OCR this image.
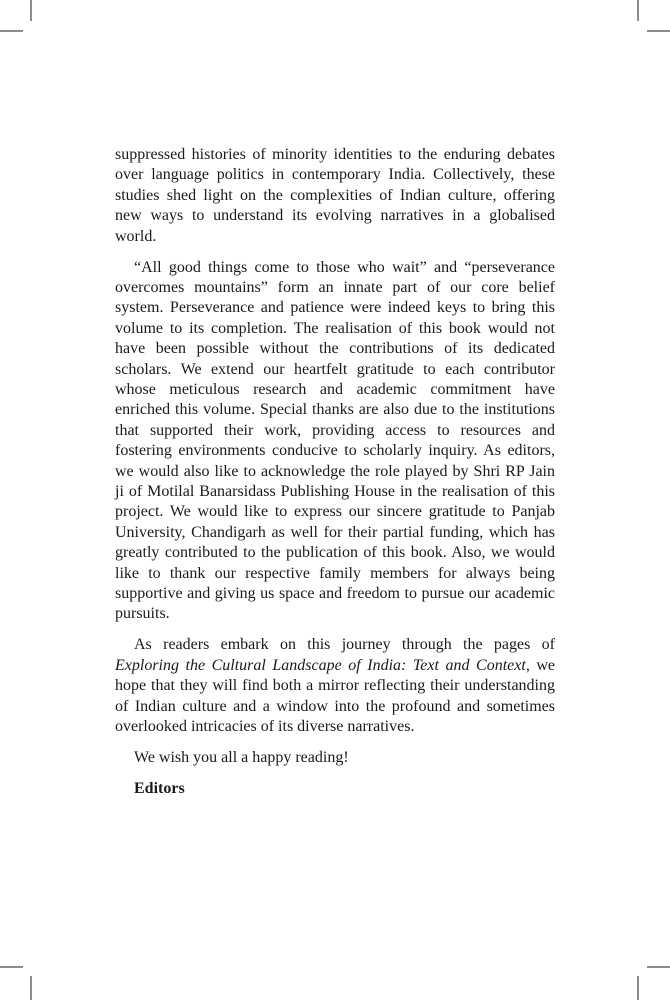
suppressed histories of minority identities to the enduring debates over language politics in contemporary India. Collectively, these studies shed light on the complexities of Indian culture, offering new ways to understand its evolving narratives in a globalised world.

“All good things come to those who wait” and “perseverance overcomes mountains” form an innate part of our core belief system. Perseverance and patience were indeed keys to bring this volume to its completion. The realisation of this book would not have been possible without the contributions of its dedicated scholars. We extend our heartfelt gratitude to each contributor whose meticulous research and academic commitment have enriched this volume. Special thanks are also due to the institutions that supported their work, providing access to resources and fostering environments conducive to scholarly inquiry. As editors, we would also like to acknowledge the role played by Shri RP Jain ji of Motilal Banarsidass Publishing House in the realisation of this project. We would like to express our sincere gratitude to Panjab University, Chandigarh as well for their partial funding, which has greatly contributed to the publication of this book. Also, we would like to thank our respective family members for always being supportive and giving us space and freedom to pursue our academic pursuits.

As readers embark on this journey through the pages of Exploring the Cultural Landscape of India: Text and Context, we hope that they will find both a mirror reflecting their understanding of Indian culture and a window into the profound and sometimes overlooked intricacies of its diverse narratives.

We wish you all a happy reading!

Editors
